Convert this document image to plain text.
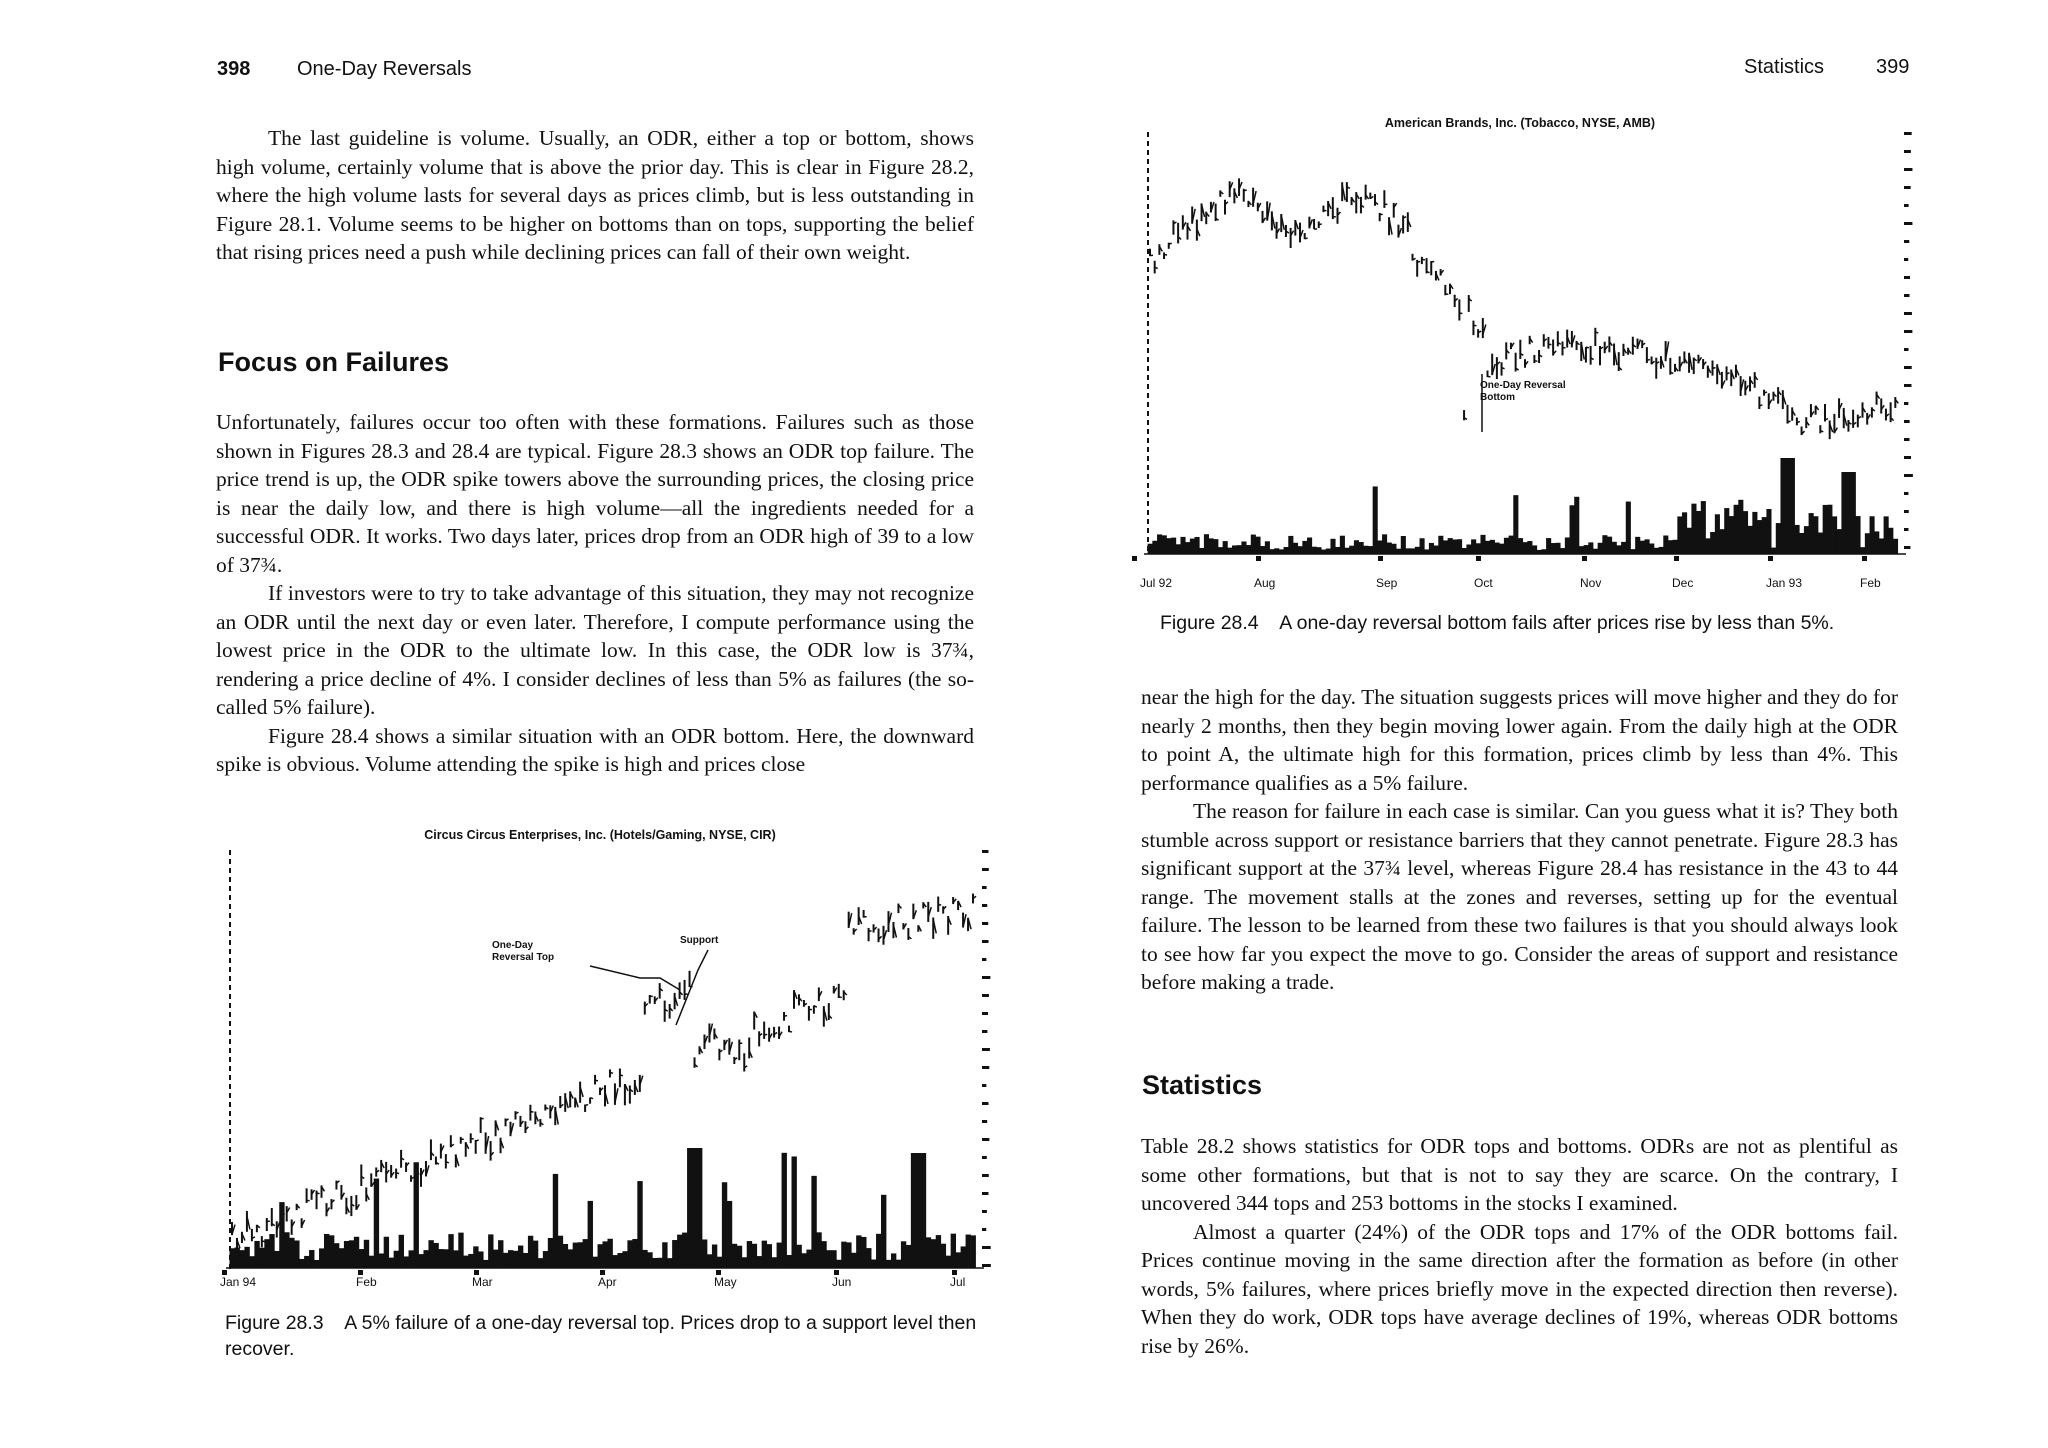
398 One-Day Reversals

The last guideline is volume. Usually, an ODR, either a top or bottom, shows high volume, certainly volume that is above the prior day. This is clear in Figure 28.2, where the high volume lasts for several days as prices climb, but is less outstanding in Figure 28.1. Volume seems to be higher on bottoms than on tops, supporting the belief that rising prices need a push while declining prices can fall of their own weight.

Focus on Failures

Unfortunately, failures occur too often with these formations. Failures such as those shown in Figures 28.3 and 28.4 are typical. Figure 28.3 shows an ODR top failure. The price trend is up, the ODR spike towers above the surrounding prices, the closing price is near the daily low, and there is high volume—all the ingredients needed for a successful ODR. It works. Two days later, prices drop from an ODR high of 39 to a low of 37¾.

If investors were to try to take advantage of this situation, they may not recognize an ODR until the next day or even later. Therefore, I compute performance using the lowest price in the ODR to the ultimate low. In this case, the ODR low is 37¾, rendering a price decline of 4%. I consider declines of less than 5% as failures (the so-called 5% failure).

Figure 28.4 shows a similar situation with an ODR bottom. Here, the downward spike is obvious. Volume attending the spike is high and prices close

Circus Circus Enterprises, Inc. (Hotels/Gaming, NYSE, CIR)
One-Day
Reversal Top
Support
Jan 94	Feb	Mar	Apr	May	Jun	Jul
Figure 28.3 A 5% failure of a one-day reversal top. Prices drop to a support level then recover.
Statistics	399
American Brands, Inc. (Tobacco, NYSE, AMB)
One-Day Reversal
Bottom
Jul 92	Aug	Sep	Oct	Nov	Dec	Jan 93	Feb
Figure 28.4 A one-day reversal bottom fails after prices rise by less than 5%.

near the high for the day. The situation suggests prices will move higher and they do for nearly 2 months, then they begin moving lower again. From the daily high at the ODR to point A, the ultimate high for this formation, prices climb by less than 4%. This performance qualifies as a 5% failure.

The reason for failure in each case is similar. Can you guess what it is? They both stumble across support or resistance barriers that they cannot penetrate. Figure 28.3 has significant support at the 37¾ level, whereas Figure 28.4 has resistance in the 43 to 44 range. The movement stalls at the zones and reverses, setting up for the eventual failure. The lesson to be learned from these two failures is that you should always look to see how far you expect the move to go. Consider the areas of support and resistance before making a trade.

Statistics

Table 28.2 shows statistics for ODR tops and bottoms. ODRs are not as plentiful as some other formations, but that is not to say they are scarce. On the contrary, I uncovered 344 tops and 253 bottoms in the stocks I examined.

Almost a quarter (24%) of the ODR tops and 17% of the ODR bottoms fail. Prices continue moving in the same direction after the formation as before (in other words, 5% failures, where prices briefly move in the expected direction then reverse). When they do work, ODR tops have average declines of 19%, whereas ODR bottoms rise by 26%.
